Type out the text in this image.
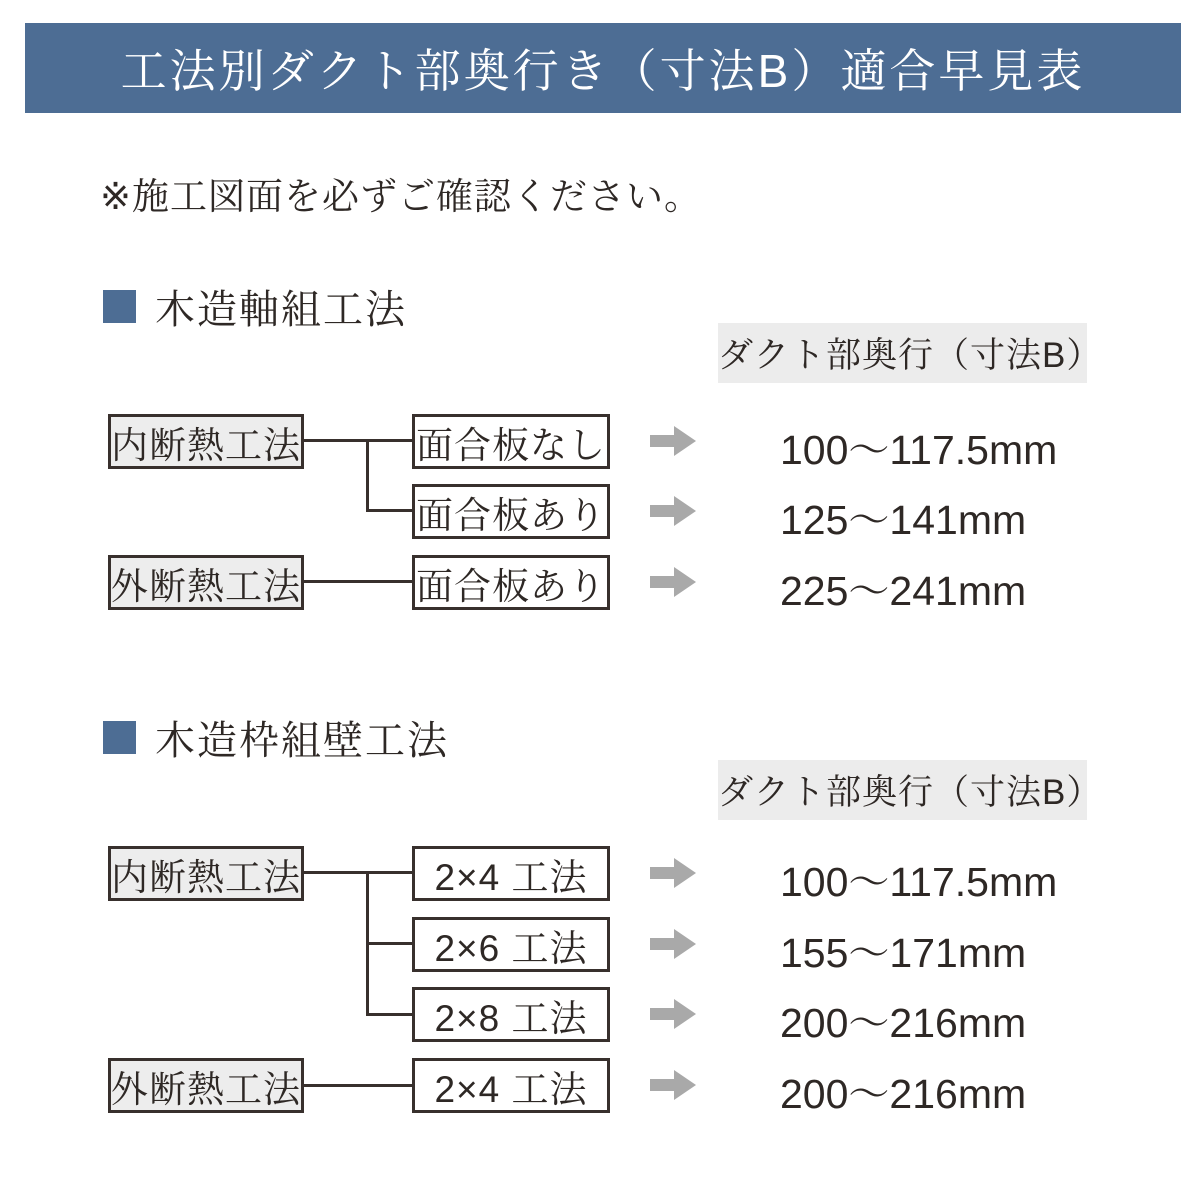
工法別ダクト部奥行き（寸法B）適合早見表
※施工図面を必ずご確認ください。
木造軸組工法
ダクト部奥行（寸法B）
内断熱工法
外断熱工法
面合板なし
面合板あり
面合板あり
100〜117.5mm
125〜141mm
225〜241mm
木造枠組壁工法
ダクト部奥行（寸法B）
内断熱工法
外断熱工法
2×4 工法
2×6 工法
2×8 工法
2×4 工法
100〜117.5mm
155〜171mm
200〜216mm
200〜216mm
